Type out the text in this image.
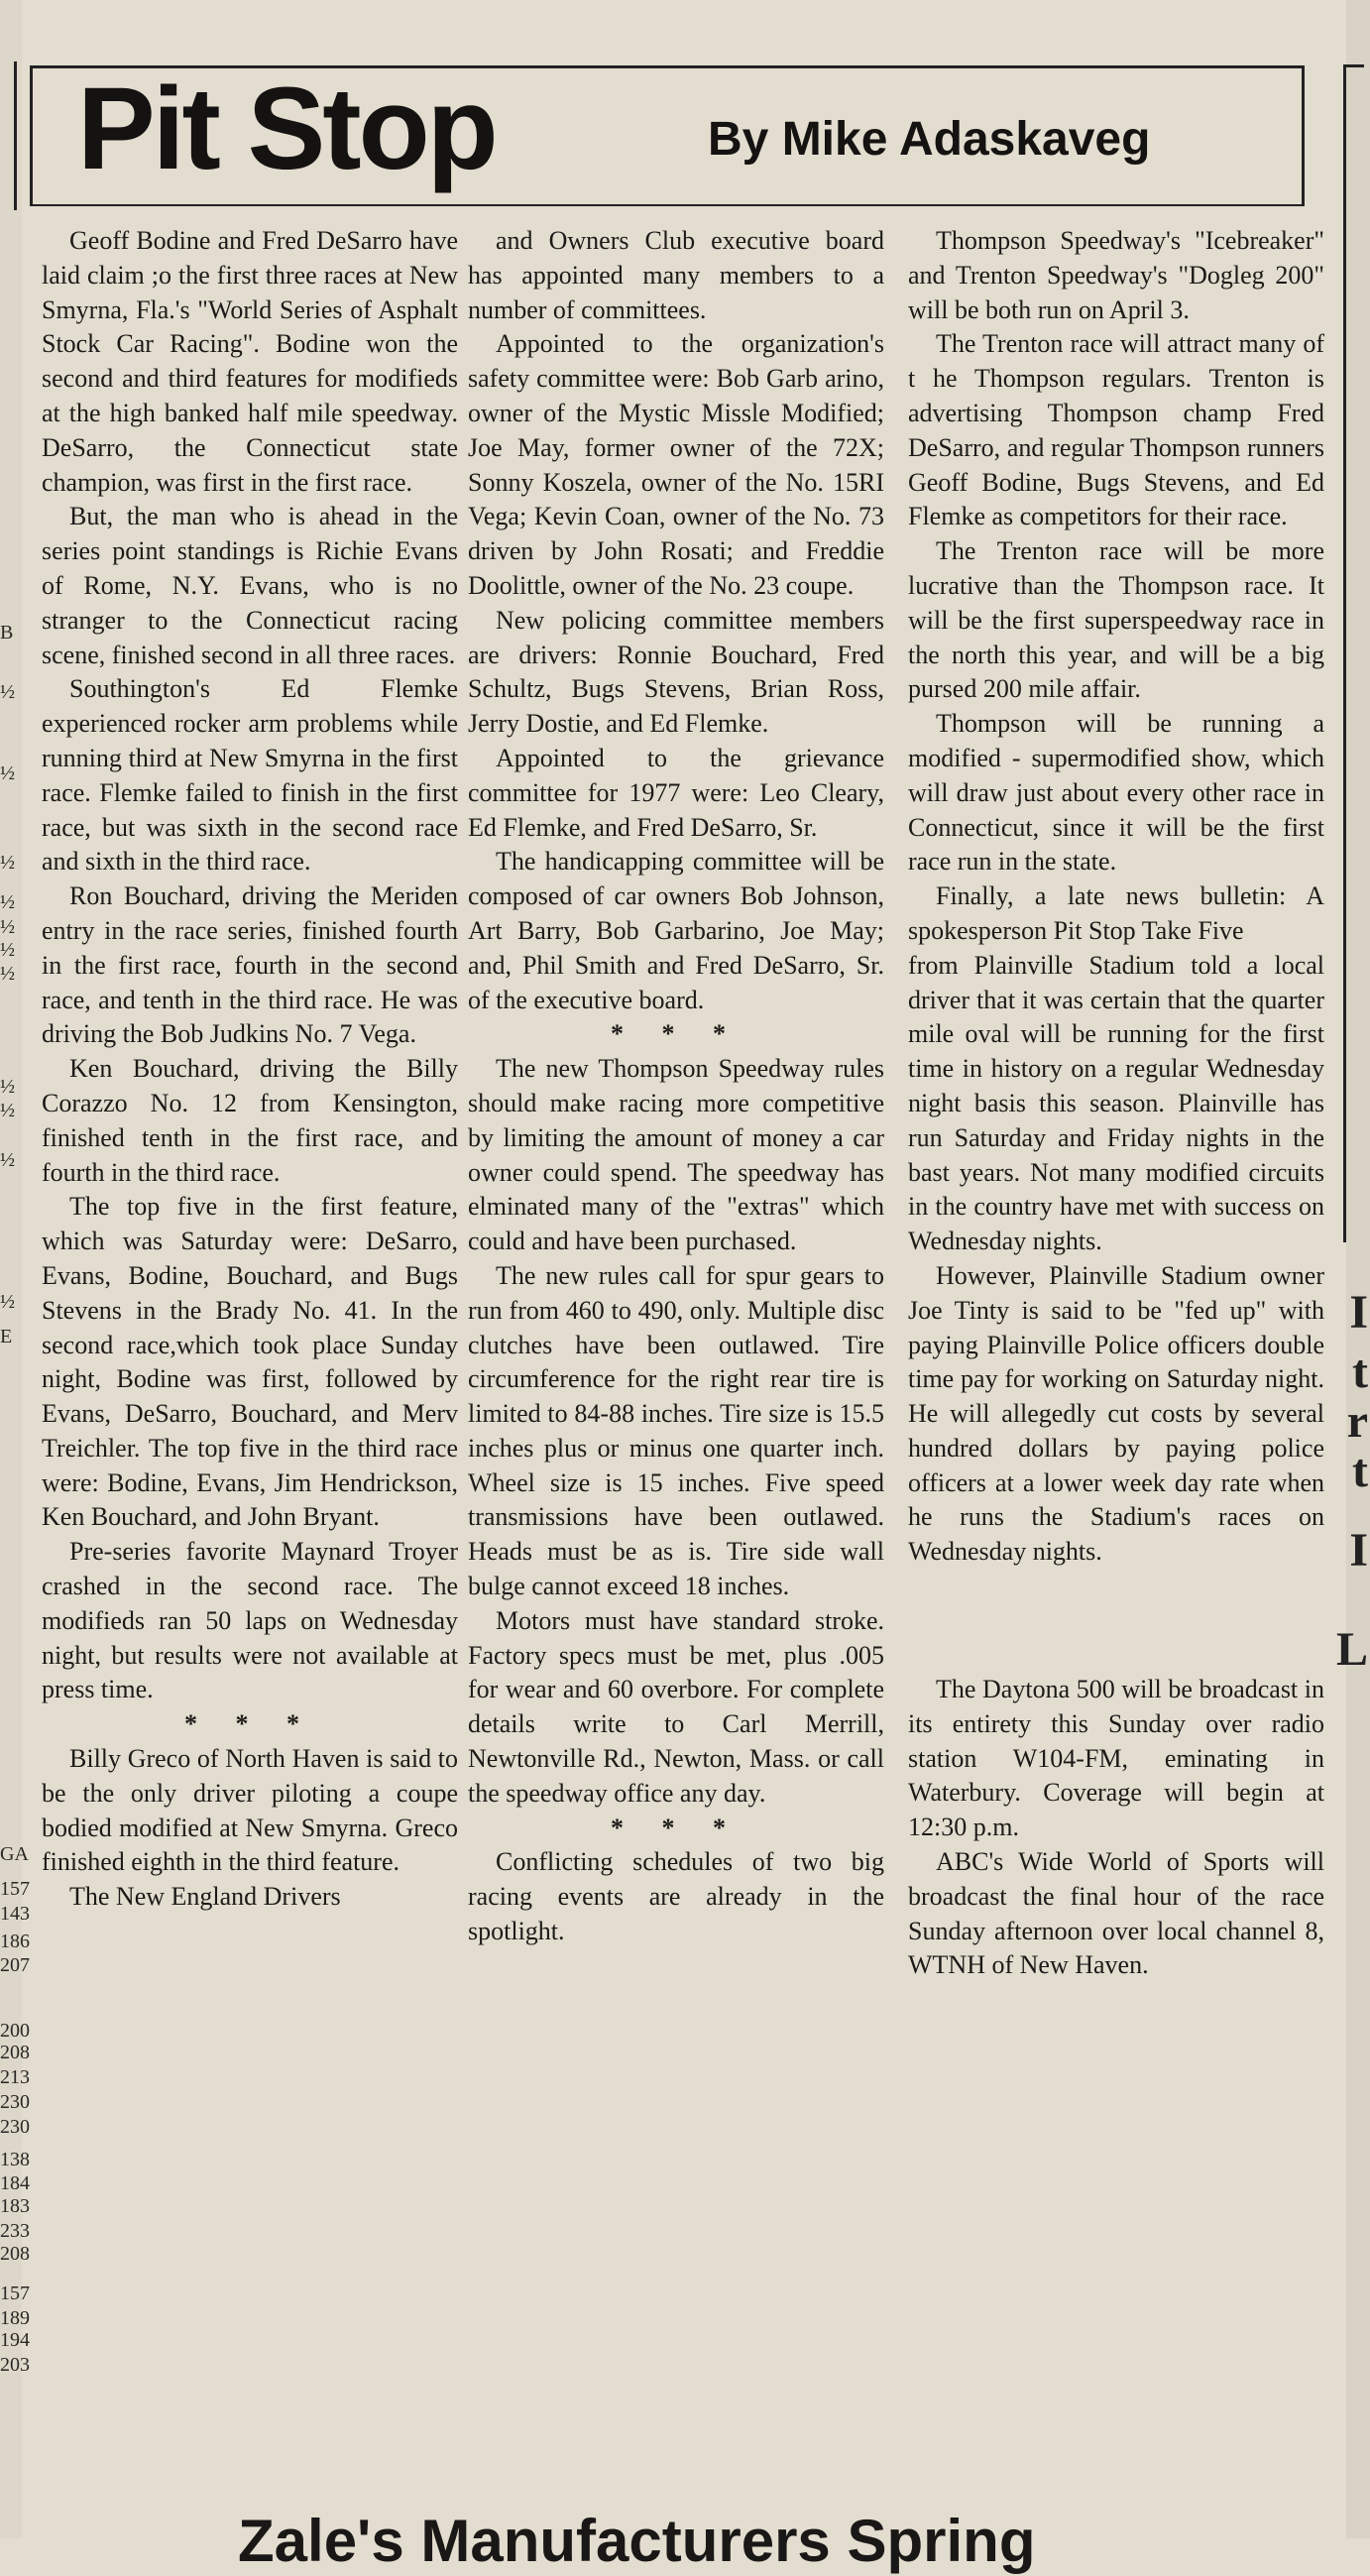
B
½
½
½
½
½
½
½
½
½
½
½
E
GA
157
143
186
207
200
208
213
230
230
138
184
183
233
208
157
189
194
203
I
t
r
t
I
L
Pit Stop	By Mike Adaskaveg

Geoff Bodine and Fred DeSarro have laid claim ;o the first three races at New Smyrna, Fla.'s "World Series of Asphalt Stock Car Racing". Bodine won the second and third features for modifieds at the high banked half mile speedway. DeSarro, the Connecticut state champion, was first in the first race.

But, the man who is ahead in the series point standings is Richie Evans of Rome, N.Y. Evans, who is no stranger to the Connecticut racing scene, finished second in all three races.

Southington's Ed Flemke experienced rocker arm problems while running third at New Smyrna in the first race. Flemke failed to finish in the first race, but was sixth in the second race and sixth in the third race.

Ron Bouchard, driving the Meriden entry in the race series, finished fourth in the first race, fourth in the second race, and tenth in the third race. He was driving the Bob Judkins No. 7 Vega.

Ken Bouchard, driving the Billy Corazzo No. 12 from Kensington, finished tenth in the first race, and fourth in the third race.

The top five in the first feature, which was Saturday were: DeSarro, Evans, Bodine, Bouchard, and Bugs Stevens in the Brady No. 41. In the second race,which took place Sunday night, Bodine was first, followed by Evans, DeSarro, Bouchard, and Merv Treichler. The top five in the third race were: Bodine, Evans, Jim Hendrickson, Ken Bouchard, and John Bryant.

Pre-series favorite Maynard Troyer crashed in the second race. The modifieds ran 50 laps on Wednesday night, but results were not available at press time.

* * *

Billy Greco of North Haven is said to be the only driver piloting a coupe bodied modified at New Smyrna. Greco finished eighth in the third feature.

The New England Drivers

and Owners Club executive board has appointed many members to a number of committees.

Appointed to the organization's safety committee were: Bob Garb arino, owner of the Mystic Missle Modified; Joe May, former owner of the 72X; Sonny Koszela, owner of the No. 15RI Vega; Kevin Coan, owner of the No. 73 driven by John Rosati; and Freddie Doolittle, owner of the No. 23 coupe.

New policing committee members are drivers: Ronnie Bouchard, Fred Schultz, Bugs Stevens, Brian Ross, Jerry Dostie, and Ed Flemke.

Appointed to the grievance committee for 1977 were: Leo Cleary, Ed Flemke, and Fred DeSarro, Sr.

The handicapping committee will be composed of car owners Bob Johnson, Art Barry, Bob Garbarino, Joe May; and, Phil Smith and Fred DeSarro, Sr. of the executive board.

* * *

The new Thompson Speedway rules should make racing more competitive by limiting the amount of money a car owner could spend. The speedway has elminated many of the "extras" which could and have been purchased.

The new rules call for spur gears to run from 460 to 490, only. Multiple disc clutches have been outlawed. Tire circumference for the right rear tire is limited to 84-88 inches. Tire size is 15.5 inches plus or minus one quarter inch. Wheel size is 15 inches. Five speed transmissions have been outlawed. Heads must be as is. Tire side wall bulge cannot exceed 18 inches.

Motors must have standard stroke. Factory specs must be met, plus .005 for wear and 60 overbore. For complete details write to Carl Merrill, Newtonville Rd., Newton, Mass. or call the speedway office any day.

* * *

Conflicting schedules of two big racing events are already in the spotlight.

Thompson Speedway's "Icebreaker" and Trenton Speedway's "Dogleg 200" will be both run on April 3.

The Trenton race will attract many of t he Thompson regulars. Trenton is advertising Thompson champ Fred DeSarro, and regular Thompson runners Geoff Bodine, Bugs Stevens, and Ed Flemke as competitors for their race.

The Trenton race will be more lucrative than the Thompson race. It will be the first superspeedway race in the north this year, and will be a big pursed 200 mile affair.

Thompson will be running a modified - supermodified show, which will draw just about every other race in Connecticut, since it will be the first race run in the state.

Finally, a late news bulletin: A spokesperson Pit Stop Take Five

from Plainville Stadium told a local driver that it was certain that the quarter mile oval will be running for the first time in history on a regular Wednesday night basis this season. Plainville has run Saturday and Friday nights in the bast years. Not many modified circuits in the country have met with success on Wednesday nights.

However, Plainville Stadium owner Joe Tinty is said to be "fed up" with paying Plainville Police officers double time pay for working on Saturday night. He will allegedly cut costs by several hundred dollars by paying police officers at a lower week day rate when he runs the Stadium's races on Wednesday nights.

The Daytona 500 will be broadcast in its entirety this Sunday over radio station W104-FM, eminating in Waterbury. Coverage will begin at 12:30 p.m.

ABC's Wide World of Sports will broadcast the final hour of the race Sunday afternoon over local channel 8, WTNH of New Haven.

Zale's Manufacturers Spring
